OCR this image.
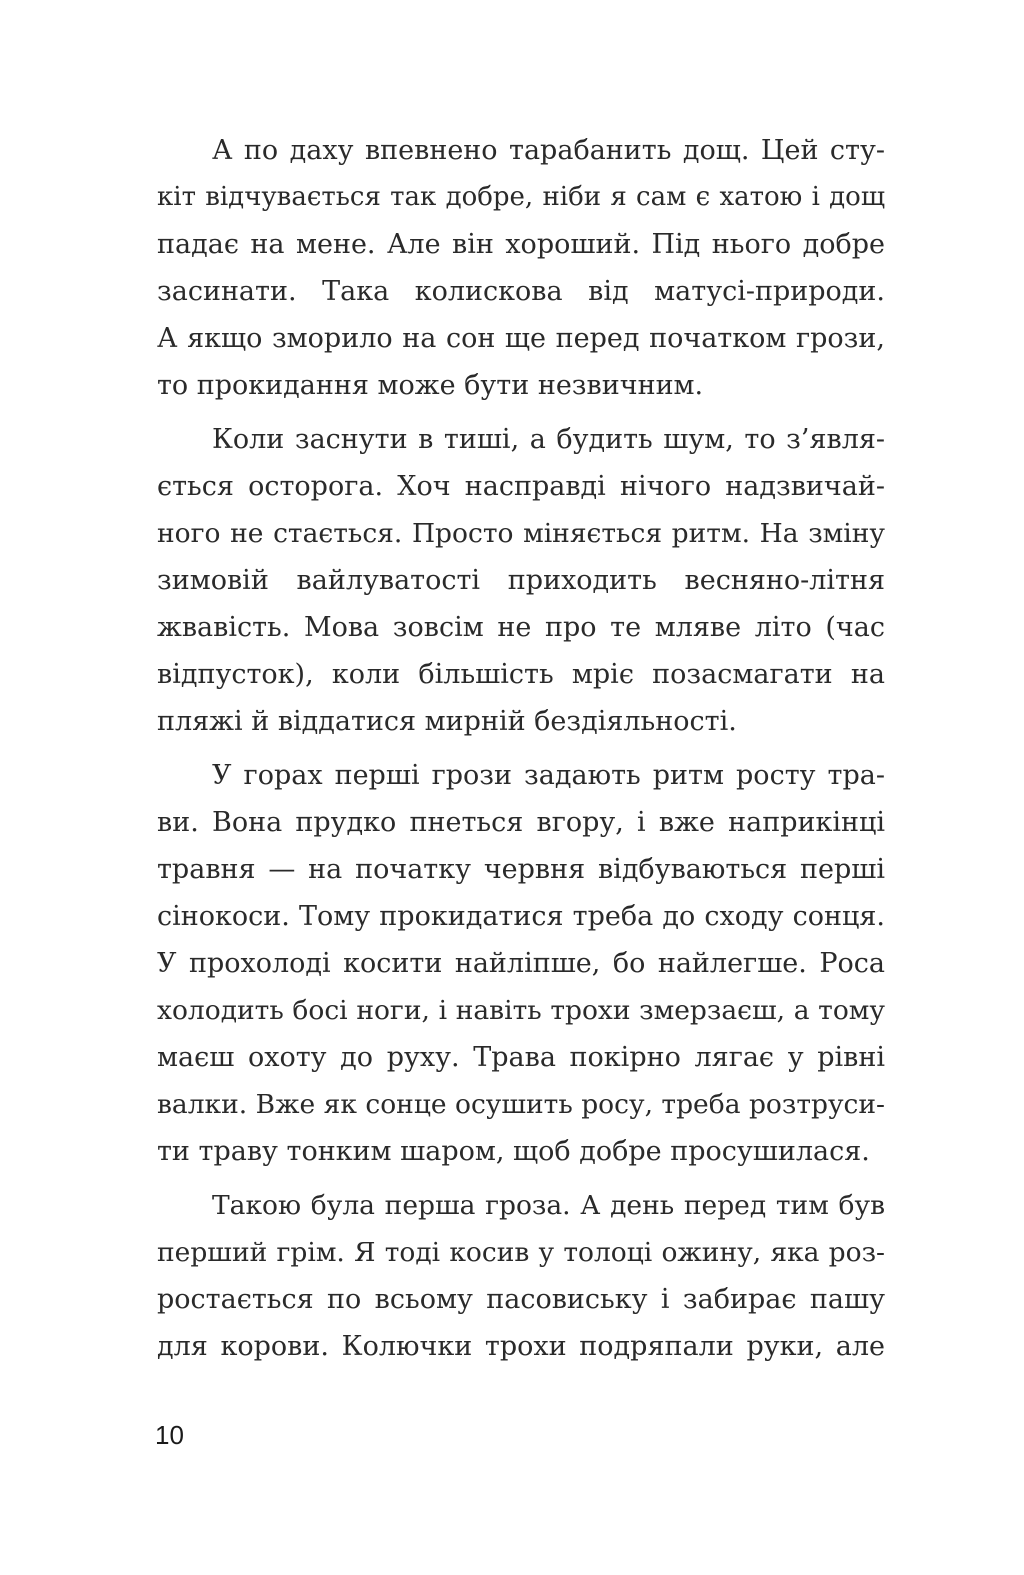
А по даху впевнено тарабанить дощ. Цей сту-
кіт відчувається так добре, ніби я сам є хатою і дощ
падає на мене. Але він хороший. Під нього добре
засинати. Така колискова від матусі-природи.
А якщо зморило на сон ще перед початком грози,
то прокидання може бути незвичним.
Коли заснути в тиші, а будить шум, то з’явля-
ється осторога. Хоч насправді нічого надзвичай-
ного не стається. Просто міняється ритм. На зміну
зимовій вайлуватості приходить весняно-літня
жвавість. Мова зовсім не про те мляве літо (час
відпусток), коли більшість мріє позасмагати на
пляжі й віддатися мирній бездіяльності.
У горах перші грози задають ритм росту тра-
ви. Вона прудко пнеться вгору, і вже наприкінці
травня — на початку червня відбуваються перші
сінокоси. Тому прокидатися треба до сходу сонця.
У прохолоді косити найліпше, бо найлегше. Роса
холодить босі ноги, і навіть трохи змерзаєш, а тому
маєш охоту до руху. Трава покірно лягає у рівні
валки. Вже як сонце осушить росу, треба розтруси-
ти траву тонким шаром, щоб добре просушилася.
Такою була перша гроза. А день перед тим був
перший грім. Я тоді косив у толоці ожину, яка роз-
ростається по всьому пасовиську і забирає пашу
для корови. Колючки трохи подряпали руки, але
10
